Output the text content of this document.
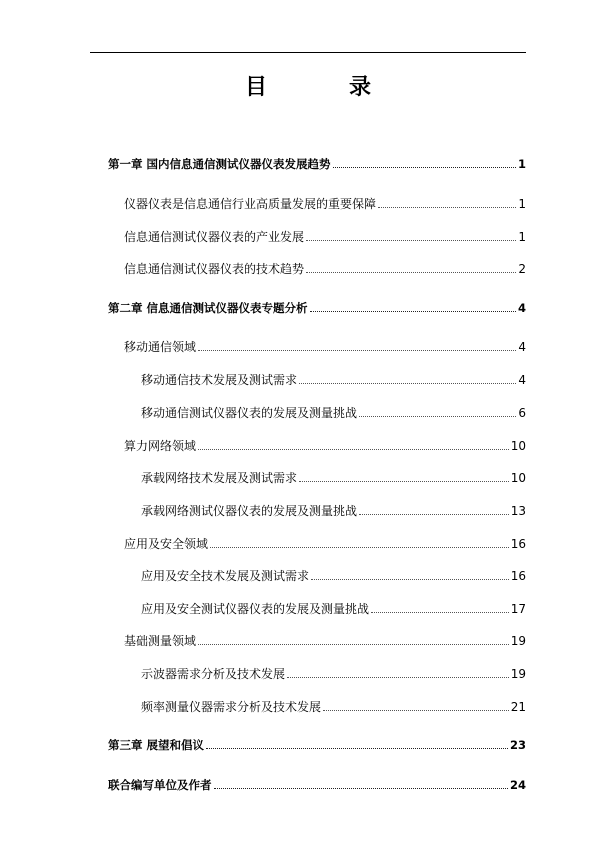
目　录
第一章 国内信息通信测试仪器仪表发展趋势	1
仪器仪表是信息通信行业高质量发展的重要保障	1
信息通信测试仪器仪表的产业发展	1
信息通信测试仪器仪表的技术趋势	2
第二章 信息通信测试仪器仪表专题分析	4
移动通信领域	4
移动通信技术发展及测试需求	4
移动通信测试仪器仪表的发展及测量挑战	6
算力网络领域	10
承载网络技术发展及测试需求	10
承载网络测试仪器仪表的发展及测量挑战	13
应用及安全领域	16
应用及安全技术发展及测试需求	16
应用及安全测试仪器仪表的发展及测量挑战	17
基础测量领域	19
示波器需求分析及技术发展	19
频率测量仪器需求分析及技术发展	21
第三章 展望和倡议	23
联合编写单位及作者	24
